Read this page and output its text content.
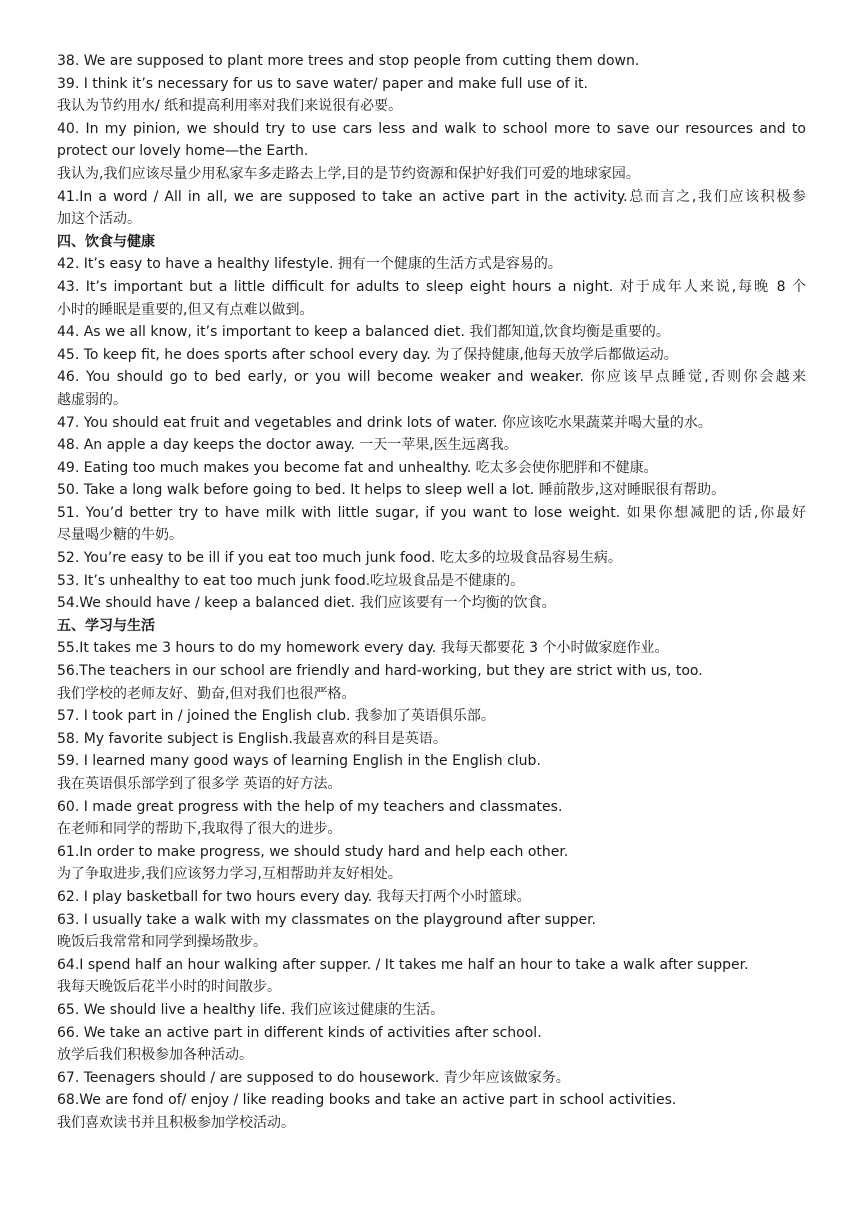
38. We are supposed to plant more trees and stop people from cutting them down.
39. I think it’s necessary for us to save water/ paper and make full use of it.
我认为节约用水/ 纸和提高利用率对我们来说很有必要。
40. In my pinion, we should try to use cars less and walk to school more to save our resources and to
protect our lovely home—the Earth.
我认为,我们应该尽量少用私家车多走路去上学,目的是节约资源和保护好我们可爱的地球家园。
41.In a word / All in all, we are supposed to take an active part in the activity.总而言之,我们应该积极参
加这个活动。
四、饮食与健康
42. It’s easy to have a healthy lifestyle. 拥有一个健康的生活方式是容易的。
43. It’s important but a little difficult for adults to sleep eight hours a night. 对于成年人来说,每晚 8 个
小时的睡眠是重要的,但又有点难以做到。
44. As we all know, it’s important to keep a balanced diet. 我们都知道,饮食均衡是重要的。
45. To keep fit, he does sports after school every day. 为了保持健康,他每天放学后都做运动。
46. You should go to bed early, or you will become weaker and weaker. 你应该早点睡觉,否则你会越来
越虚弱的。
47. You should eat fruit and vegetables and drink lots of water. 你应该吃水果蔬菜并喝大量的水。
48. An apple a day keeps the doctor away. 一天一苹果,医生远离我。
49. Eating too much makes you become fat and unhealthy. 吃太多会使你肥胖和不健康。
50. Take a long walk before going to bed. It helps to sleep well a lot. 睡前散步,这对睡眠很有帮助。
51. You’d better try to have milk with little sugar, if you want to lose weight. 如果你想减肥的话,你最好
尽量喝少糖的牛奶。
52. You’re easy to be ill if you eat too much junk food. 吃太多的垃圾食品容易生病。
53. It’s unhealthy to eat too much junk food.吃垃圾食品是不健康的。
54.We should have / keep a balanced diet. 我们应该要有一个均衡的饮食。
五、学习与生活
55.It takes me 3 hours to do my homework every day. 我每天都要花 3 个小时做家庭作业。
56.The teachers in our school are friendly and hard-working, but they are strict with us, too.
我们学校的老师友好、勤奋,但对我们也很严格。
57. I took part in / joined the English club. 我参加了英语俱乐部。
58. My favorite subject is English.我最喜欢的科目是英语。
59. I learned many good ways of learning English in the English club.
我在英语俱乐部学到了很多学 英语的好方法。
60. I made great progress with the help of my teachers and classmates.
在老师和同学的帮助下,我取得了很大的进步。
61.In order to make progress, we should study hard and help each other.
为了争取进步,我们应该努力学习,互相帮助并友好相处。
62. I play basketball for two hours every day. 我每天打两个小时篮球。
63. I usually take a walk with my classmates on the playground after supper.
晚饭后我常常和同学到操场散步。
64.I spend half an hour walking after supper. / It takes me half an hour to take a walk after supper.
我每天晚饭后花半小时的时间散步。
65. We should live a healthy life. 我们应该过健康的生活。
66. We take an active part in different kinds of activities after school.
放学后我们积极参加各种活动。
67. Teenagers should / are supposed to do housework. 青少年应该做家务。
68.We are fond of/ enjoy / like reading books and take an active part in school activities.
我们喜欢读书并且积极参加学校活动。
